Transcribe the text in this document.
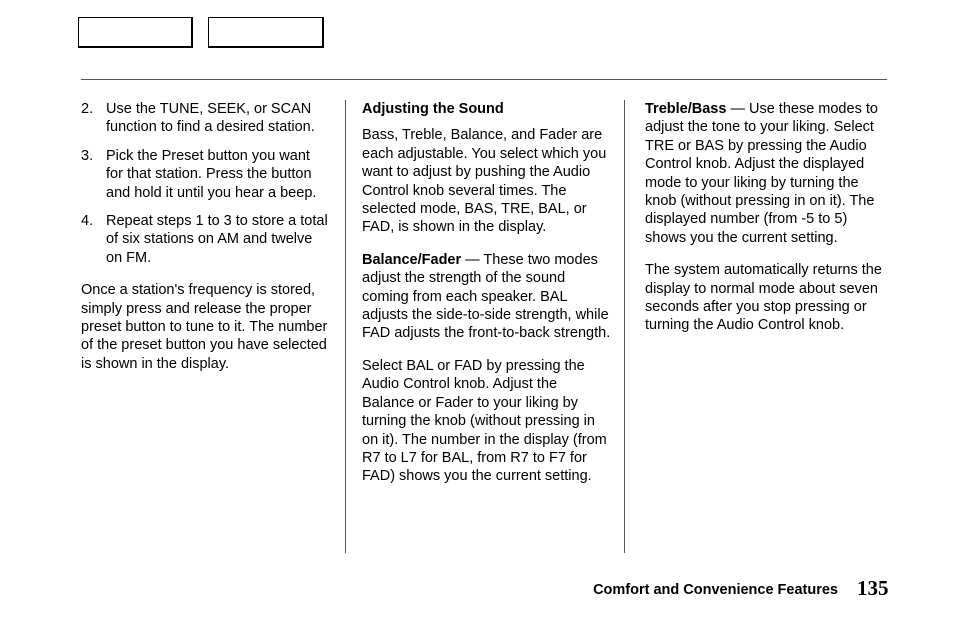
2. Use the TUNE, SEEK, or SCAN function to find a desired station.
3. Pick the Preset button you want for that station. Press the button and hold it until you hear a beep.
4. Repeat steps 1 to 3 to store a total of six stations on AM and twelve on FM.

Once a station's frequency is stored, simply press and release the proper preset button to tune to it. The number of the preset button you have selected is shown in the display.

Adjusting the Sound

Bass, Treble, Balance, and Fader are each adjustable. You select which you want to adjust by pushing the Audio Control knob several times. The selected mode, BAS, TRE, BAL, or FAD, is shown in the display.

Balance/Fader — These two modes adjust the strength of the sound coming from each speaker. BAL adjusts the side-to-side strength, while FAD adjusts the front-to-back strength.

Select BAL or FAD by pressing the Audio Control knob. Adjust the Balance or Fader to your liking by turning the knob (without pressing in on it). The number in the display (from R7 to L7 for BAL, from R7 to F7 for FAD) shows you the current setting.

Treble/Bass — Use these modes to adjust the tone to your liking. Select TRE or BAS by pressing the Audio Control knob. Adjust the displayed mode to your liking by turning the knob (without pressing in on it). The displayed number (from -5 to 5) shows you the current setting.

The system automatically returns the display to normal mode about seven seconds after you stop pressing or turning the Audio Control knob.

Comfort and Convenience Features 135
